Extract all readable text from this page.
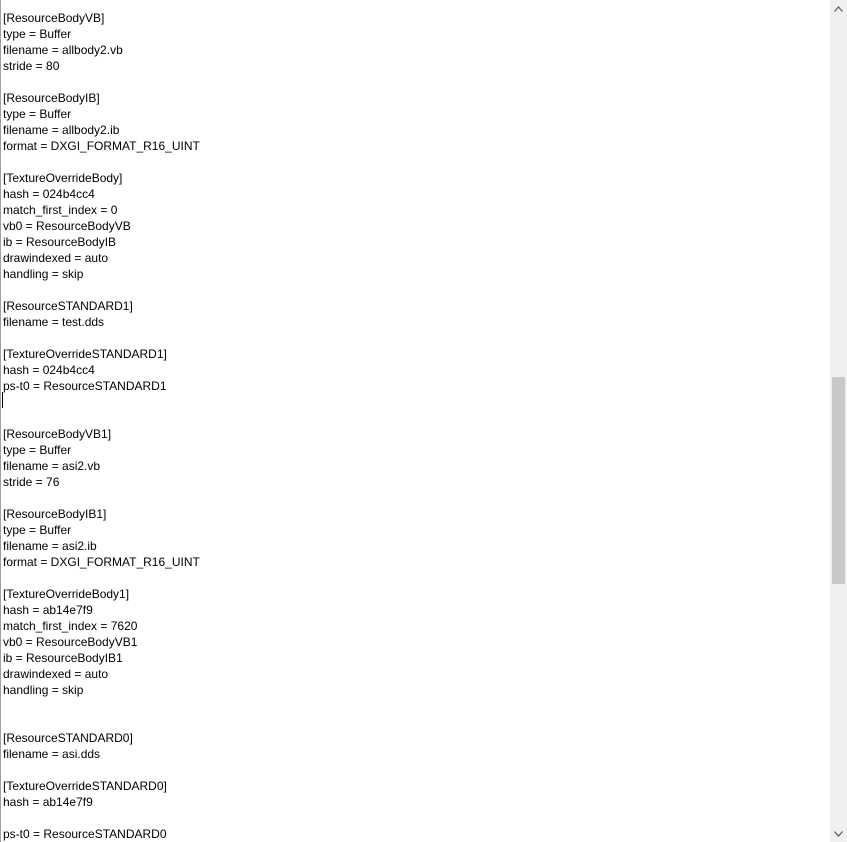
[ResourceBodyVB]
type = Buffer
filename = allbody2.vb
stride = 80
[ResourceBodyIB]
type = Buffer
filename = allbody2.ib
format = DXGI_FORMAT_R16_UINT
[TextureOverrideBody]
hash = 024b4cc4
match_first_index = 0
vb0 = ResourceBodyVB
ib = ResourceBodyIB
drawindexed = auto
handling = skip
[ResourceSTANDARD1]
filename = test.dds
[TextureOverrideSTANDARD1]
hash = 024b4cc4
ps-t0 = ResourceSTANDARD1
[ResourceBodyVB1]
type = Buffer
filename = asi2.vb
stride = 76
[ResourceBodyIB1]
type = Buffer
filename = asi2.ib
format = DXGI_FORMAT_R16_UINT
[TextureOverrideBody1]
hash = ab14e7f9
match_first_index = 7620
vb0 = ResourceBodyVB1
ib = ResourceBodyIB1
drawindexed = auto
handling = skip
[ResourceSTANDARD0]
filename = asi.dds
[TextureOverrideSTANDARD0]
hash = ab14e7f9
ps-t0 = ResourceSTANDARD0
